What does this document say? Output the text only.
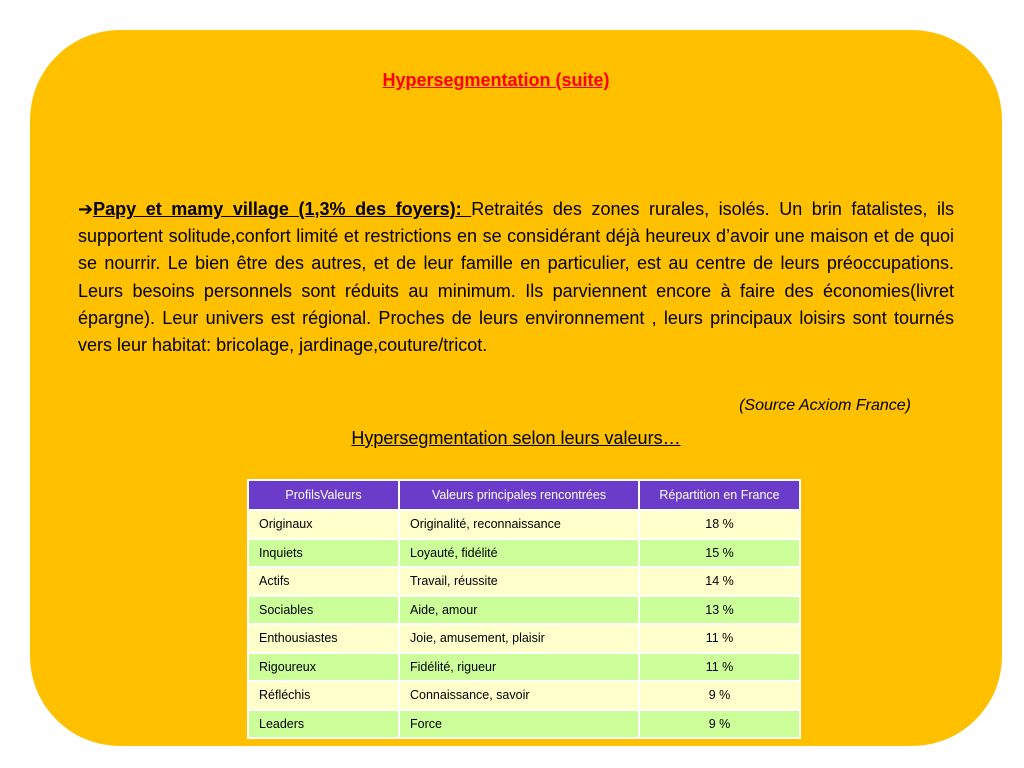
Hypersegmentation (suite)
➔Papy et mamy village (1,3% des foyers): Retraités des zones rurales, isolés. Un brin fatalistes, ils supportent solitude,confort limité et restrictions en se considérant déjà heureux d’avoir une maison et de quoi se nourrir. Le bien être des autres, et de leur famille en particulier, est au centre de leurs préoccupations. Leurs besoins personnels sont réduits au minimum. Ils parviennent encore à faire des économies(livret épargne). Leur univers est régional. Proches de leurs environnement , leurs principaux loisirs sont tournés vers leur habitat: bricolage, jardinage,couture/tricot.
(Source Acxiom France)
Hypersegmentation selon leurs valeurs…
ProfilsValeurs	Valeurs principales rencontrées	Répartition en France
Originaux	Originalité, reconnaissance	18 %
Inquiets	Loyauté, fidélité	15 %
Actifs	Travail, réussite	14 %
Sociables	Aide, amour	13 %
Enthousiastes	Joie, amusement, plaisir	11 %
Rigoureux	Fidélité, rigueur	11 %
Réfléchis	Connaissance, savoir	9 %
Leaders	Force	9 %
